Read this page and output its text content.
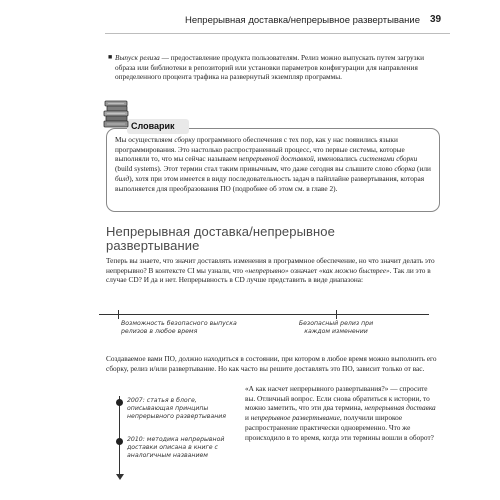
Непрерывная доставка/непрерывное развертывание 39
■ Выпуск релиза — предоставление продукта пользователям. Релиз можно выпускать путем загрузки образа или библиотеки в репозиторий или установки параметров конфигурации для направления определенного процента трафика на развернутый экземпляр программы.
Мы осуществляем сборку программного обеспечения с тех пор, как у нас появились языки программирования. Это настолько распространенный процесс, что первые системы, которые выполняли то, что мы сейчас называем непрерывной доставкой, именовались системами сборки (build systems). Этот термин стал таким привычным, что даже сегодня вы слышите слово сборка (или билд), хотя при этом имеется в виду последовательность задач в пайплайне развертывания, которая выполняется для преобразования ПО (подробнее об этом см. в главе 2).
Словарик
Непрерывная доставка/непрерывное развертывание
Теперь вы знаете, что значит доставлять изменения в программное обеспечение, но что значит делать это непрерывно? В контексте CI мы узнали, что «непрерывно» означает «как можно быстрее». Так ли это в случае CD? И да и нет. Непрерывность в CD лучше представить в виде диапазона:
Возможность безопасного выпуска релизов в любое время
Безопасный релиз при каждом изменении
Создаваемое вами ПО, должно находиться в состоянии, при котором в любое время можно выполнить его сборку, релиз и/или развертывание. Но как часто вы решите доставлять это ПО, зависит только от вас.
«А как насчет непрерывного развертывания?» — спросите вы. Отличный вопрос. Если снова обратиться к истории, то можно заметить, что эти два термина, непрерывная доставка и непрерывное развертывание, получили широкое распространение практически одновременно. Что же происходило в то время, когда эти термины вошли в оборот?
2007: статья в блоге, описывающая принципы непрерывного развертывания
2010: методика непрерывной доставки описана в книге с аналогичным названием
